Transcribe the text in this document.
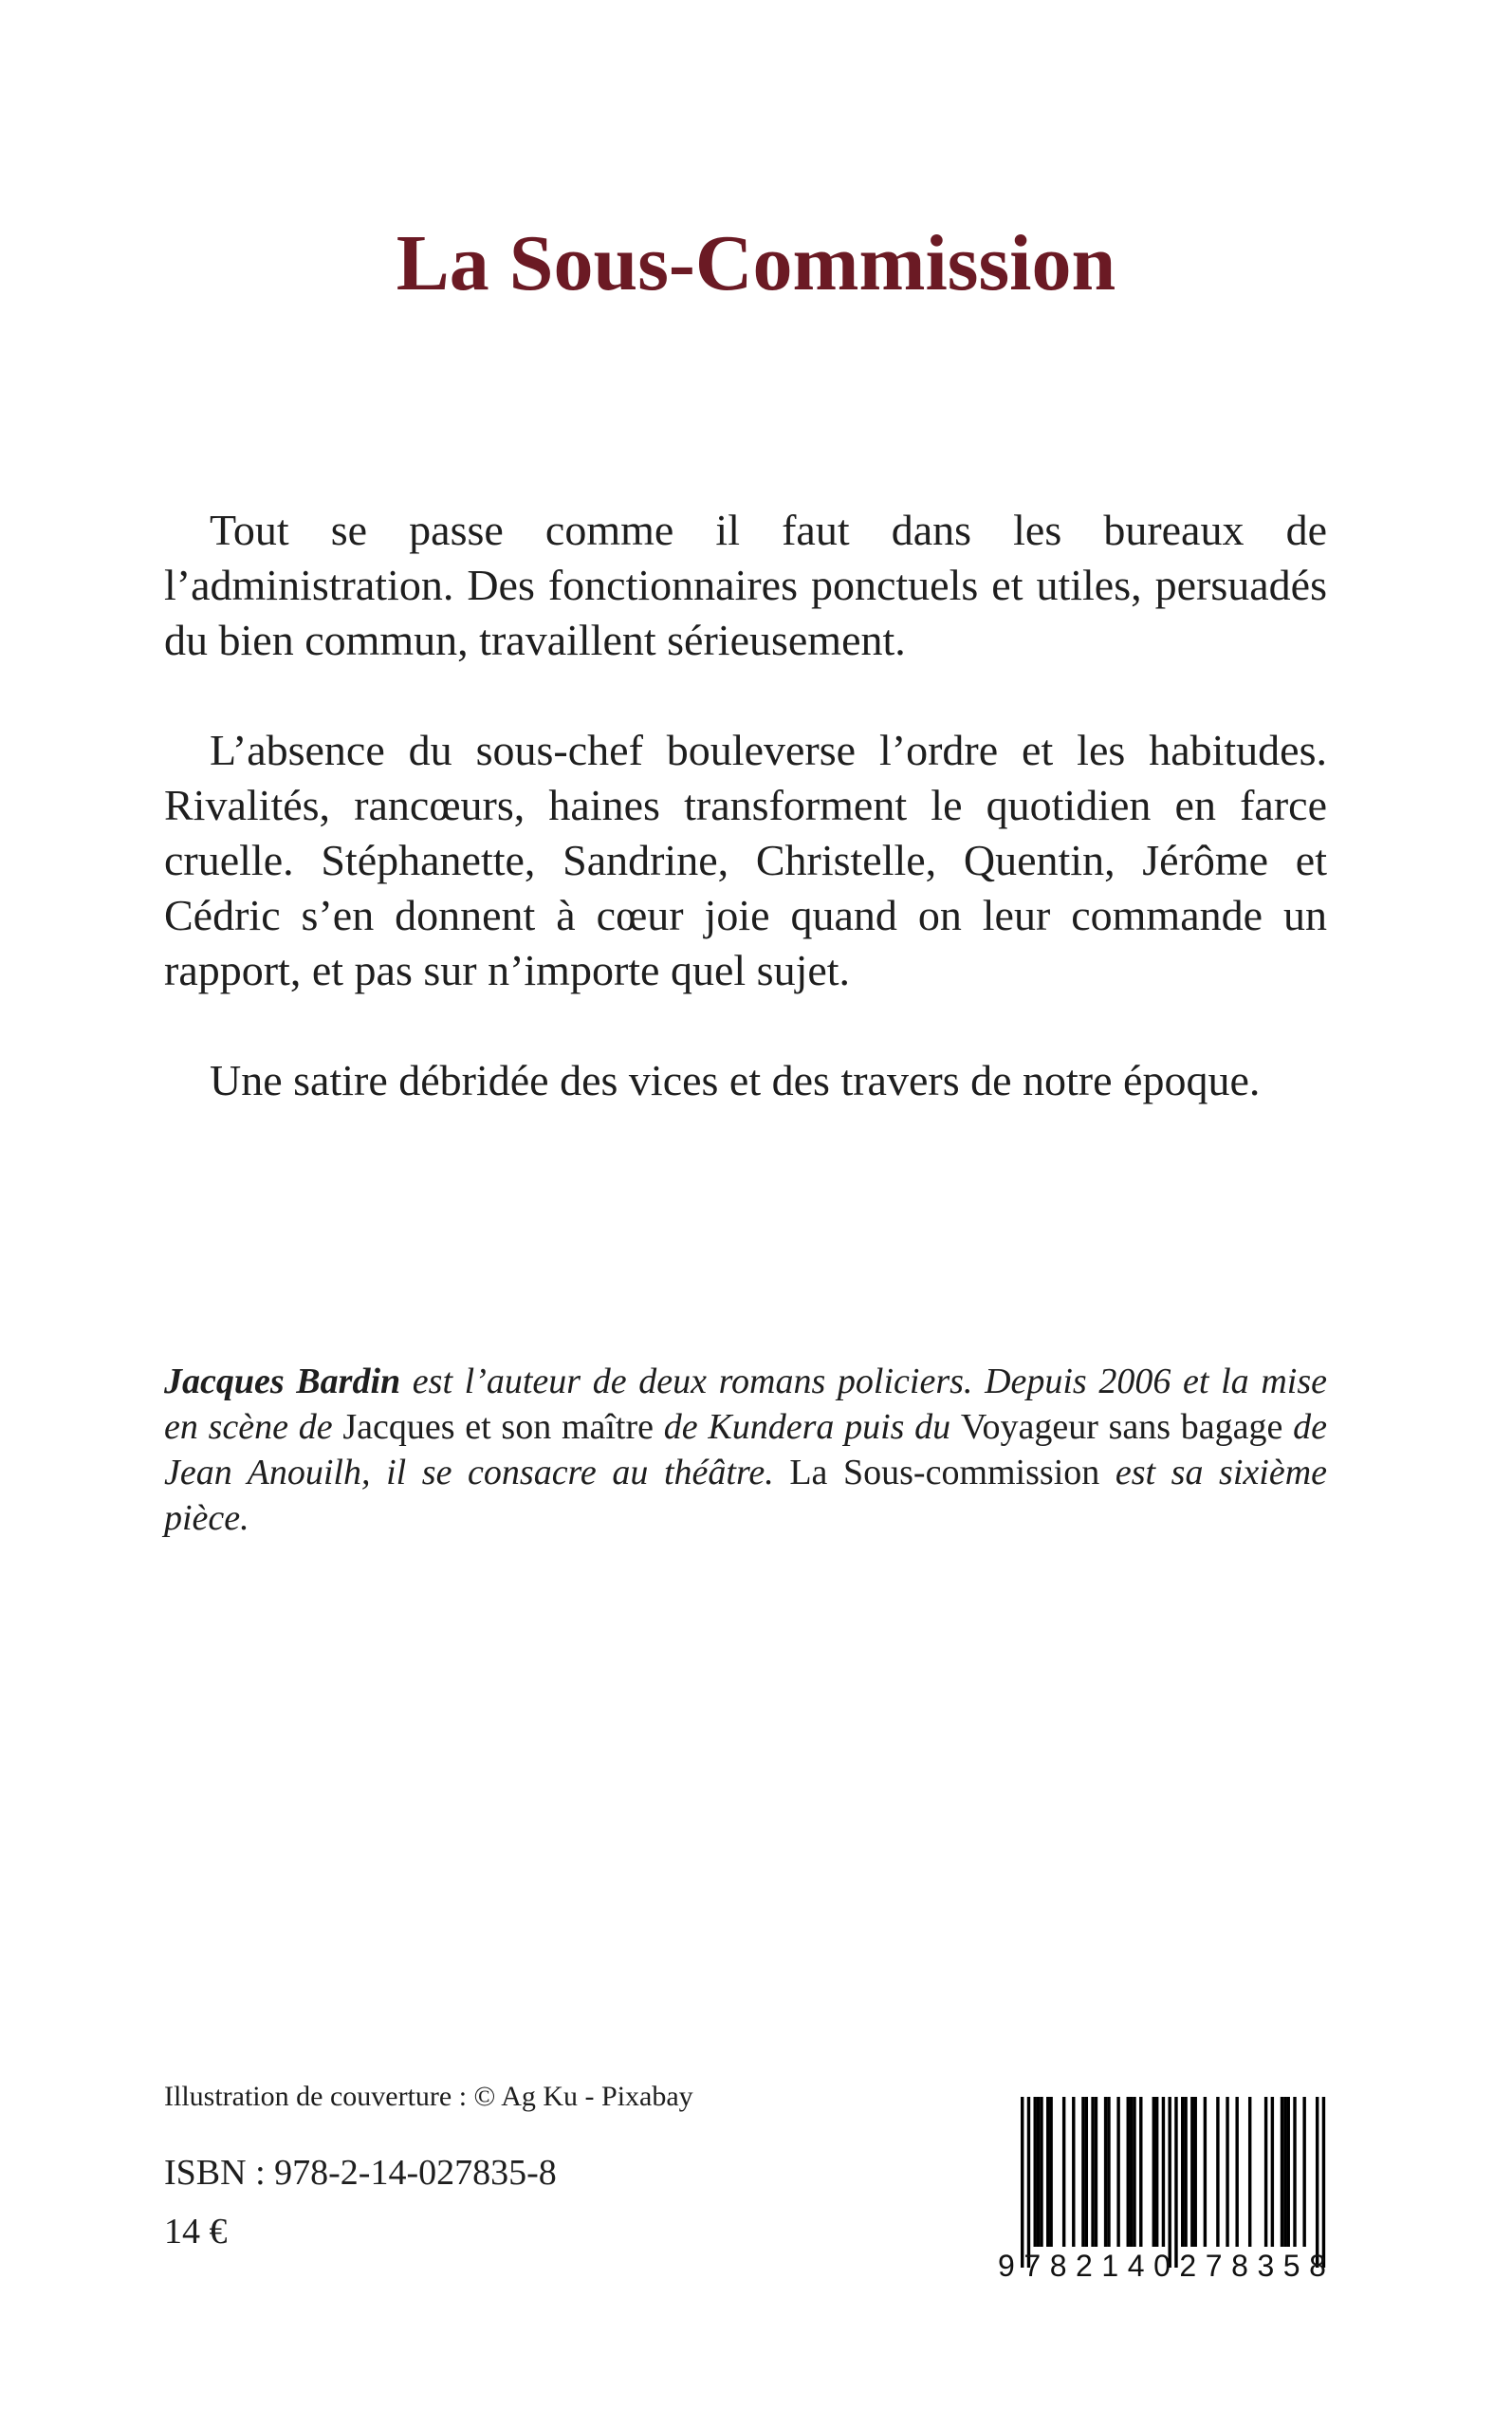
La Sous-Commission

Tout se passe comme il faut dans les bureaux de l’administration. Des fonctionnaires ponctuels et utiles, persuadés du bien commun, travaillent sérieusement.

L’absence du sous-chef bouleverse l’ordre et les habitudes. Rivalités, rancœurs, haines transforment le quotidien en farce cruelle. Stéphanette, Sandrine, Christelle, Quentin, Jérôme et Cédric s’en donnent à cœur joie quand on leur commande un rapport, et pas sur n’importe quel sujet.

Une satire débridée des vices et des travers de notre époque.

Jacques Bardin est l’auteur de deux romans policiers. Depuis 2006 et la mise en scène de Jacques et son maître de Kundera puis du Voyageur sans bagage de Jean Anouilh, il se consacre au théâtre. La Sous-commission est sa sixième pièce.

Illustration de couverture : © Ag Ku - Pixabay

ISBN : 978-2-14-027835-8

14 €

9 7 8 2 1 4 0 2 7 8 3 5 8
